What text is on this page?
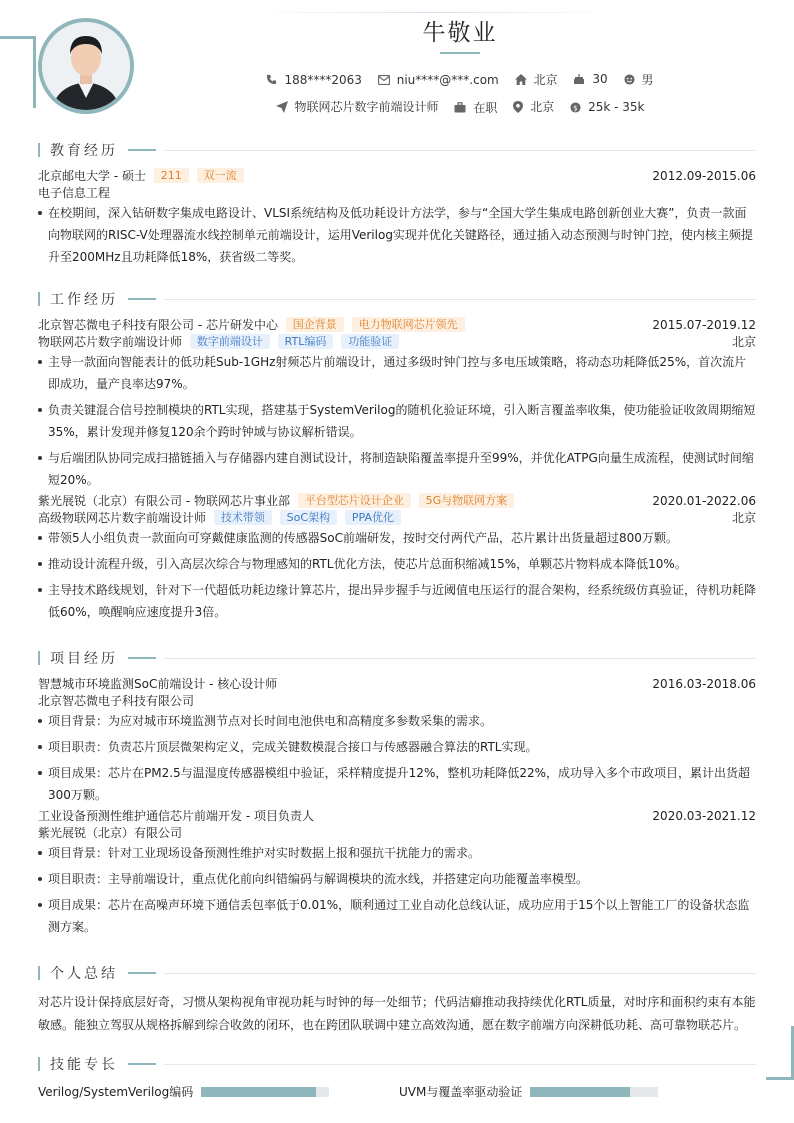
牛敬业
188****2063
	niu****@***.com
	北京
	30
	男
物联网芯片数字前端设计师
	在职
	北京
$ 25k - 35k
教育经历
北京邮电大学 - 硕士 211 双一流	2012.09-2015.06
电子信息工程
在校期间，深入钻研数字集成电路设计、VLSI系统结构及低功耗设计方法学，参与“全国大学生集成电路创新创业大赛”，负责一款面向物联网的RISC-V处理器流水线控制单元前端设计，运用Verilog实现并优化关键路径，通过插入动态预测与时钟门控，使内核主频提升至200MHz且功耗降低18%，获省级二等奖。
工作经历
北京智芯微电子科技有限公司 - 芯片研发中心 国企背景 电力物联网芯片领先	2015.07-2019.12
物联网芯片数字前端设计师 数字前端设计 RTL编码 功能验证	北京
主导一款面向智能表计的低功耗Sub-1GHz射频芯片前端设计，通过多级时钟门控与多电压域策略，将动态功耗降低25%，首次流片即成功，量产良率达97%。
负责关键混合信号控制模块的RTL实现，搭建基于SystemVerilog的随机化验证环境，引入断言覆盖率收集，使功能验证收敛周期缩短35%，累计发现并修复120余个跨时钟域与协议解析错误。
与后端团队协同完成扫描链插入与存储器内建自测试设计，将制造缺陷覆盖率提升至99%，并优化ATPG向量生成流程，使测试时间缩短20%。
紫光展锐（北京）有限公司 - 物联网芯片事业部 平台型芯片设计企业 5G与物联网方案	2020.01-2022.06
高级物联网芯片数字前端设计师 技术带领 SoC架构 PPA优化	北京
带领5人小组负责一款面向可穿戴健康监测的传感器SoC前端研发，按时交付两代产品，芯片累计出货量超过800万颗。
推动设计流程升级，引入高层次综合与物理感知的RTL优化方法，使芯片总面积缩减15%，单颗芯片物料成本降低10%。
主导技术路线规划，针对下一代超低功耗边缘计算芯片，提出异步握手与近阈值电压运行的混合架构，经系统级仿真验证，待机功耗降低60%，唤醒响应速度提升3倍。
项目经历
智慧城市环境监测SoC前端设计 - 核心设计师	2016.03-2018.06
北京智芯微电子科技有限公司
项目背景：为应对城市环境监测节点对长时间电池供电和高精度多参数采集的需求。
项目职责：负责芯片顶层微架构定义，完成关键数模混合接口与传感器融合算法的RTL实现。
项目成果：芯片在PM2.5与温湿度传感器模组中验证，采样精度提升12%，整机功耗降低22%，成功导入多个市政项目，累计出货超300万颗。
工业设备预测性维护通信芯片前端开发 - 项目负责人	2020.03-2021.12
紫光展锐（北京）有限公司
项目背景：针对工业现场设备预测性维护对实时数据上报和强抗干扰能力的需求。
项目职责：主导前端设计，重点优化前向纠错编码与解调模块的流水线，并搭建定向功能覆盖率模型。
项目成果：芯片在高噪声环境下通信丢包率低于0.01%，顺利通过工业自动化总线认证，成功应用于15个以上智能工厂的设备状态监测方案。
个人总结
对芯片设计保持底层好奇，习惯从架构视角审视功耗与时钟的每一处细节；代码洁癖推动我持续优化RTL质量，对时序和面积约束有本能敏感。能独立驾驭从规格拆解到综合收敛的闭环，也在跨团队联调中建立高效沟通，愿在数字前端方向深耕低功耗、高可靠物联芯片。
技能专长
Verilog/SystemVerilog编码	UVM与覆盖率驱动验证
